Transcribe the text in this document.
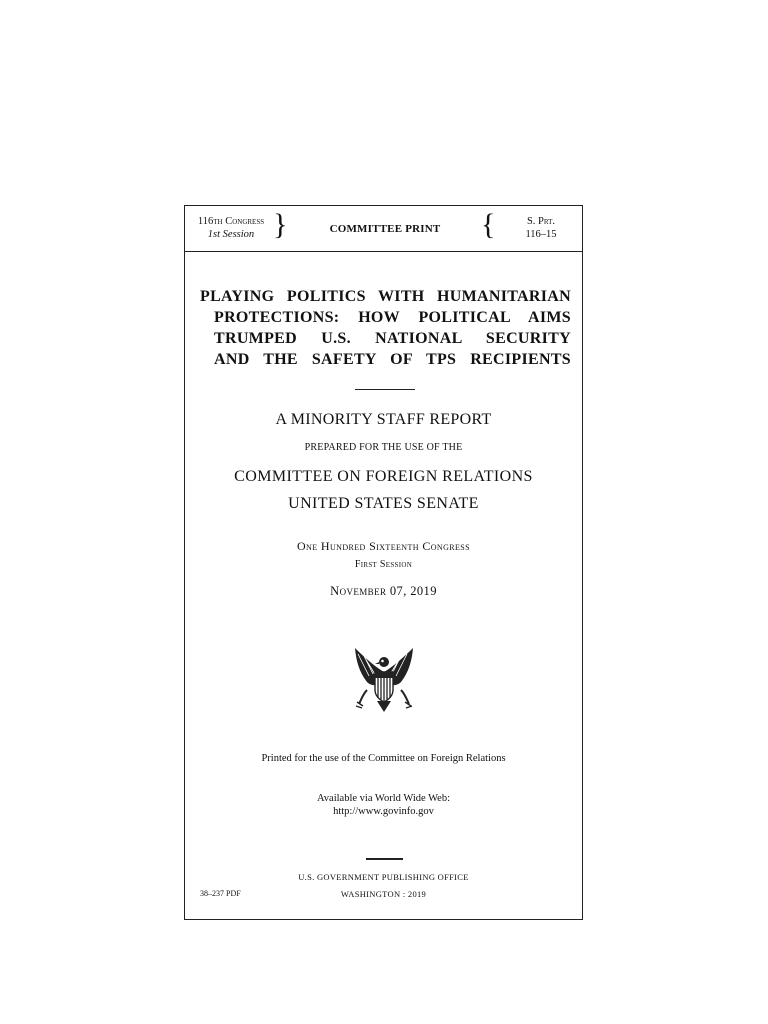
116th Congress
1st Session }	COMMITTEE PRINT	{	S. Prt.
116–15
PLAYING POLITICS WITH HUMANITARIAN
PROTECTIONS: HOW POLITICAL AIMS
TRUMPED U.S. NATIONAL SECURITY
AND THE SAFETY OF TPS RECIPIENTS
A MINORITY STAFF REPORT
PREPARED FOR THE USE OF THE
COMMITTEE ON FOREIGN RELATIONS
UNITED STATES SENATE
One Hundred Sixteenth Congress
First Session
November 07, 2019
Printed for the use of the Committee on Foreign Relations
Available via World Wide Web:
http://www.govinfo.gov
U.S. GOVERNMENT PUBLISHING OFFICE
38–237 PDF	WASHINGTON : 2019
